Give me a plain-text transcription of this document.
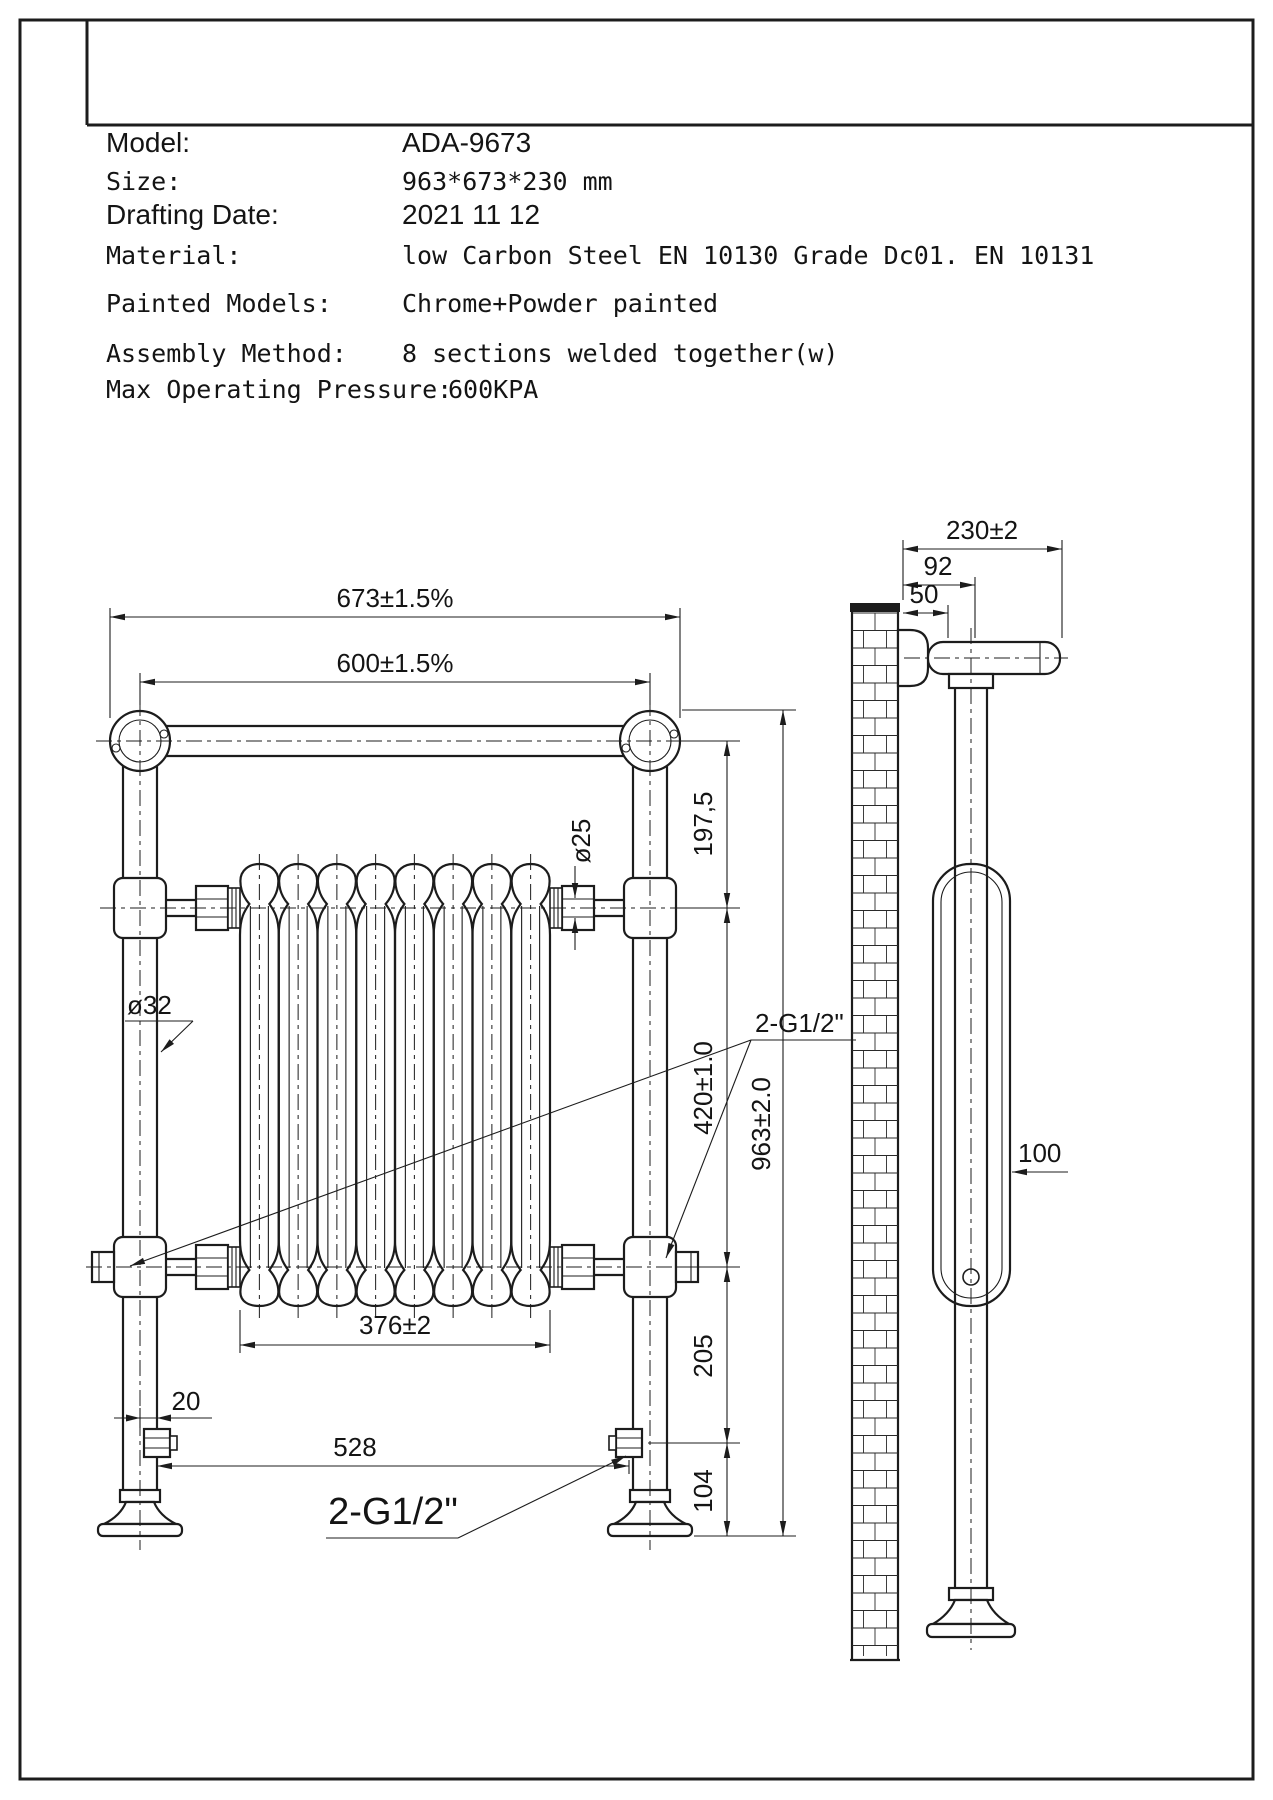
Model:	ADA-9673
Size:	963*673*230 mm
Drafting Date:	2021 11 12
Material:	low Carbon Steel EN 10130 Grade Dc01. EN 10131
Painted Models:	Chrome+Powder painted
Assembly Method: 8 sections welded together(w)
Max Operating Pressure:
600KPA
673±1.5%
600±1.5%
197,5
420±1.0
205
104
963±2.0
376±2
20
528
ø25
ø32
2-G1/2"
2-G1/2"
230±2
92
50
100
